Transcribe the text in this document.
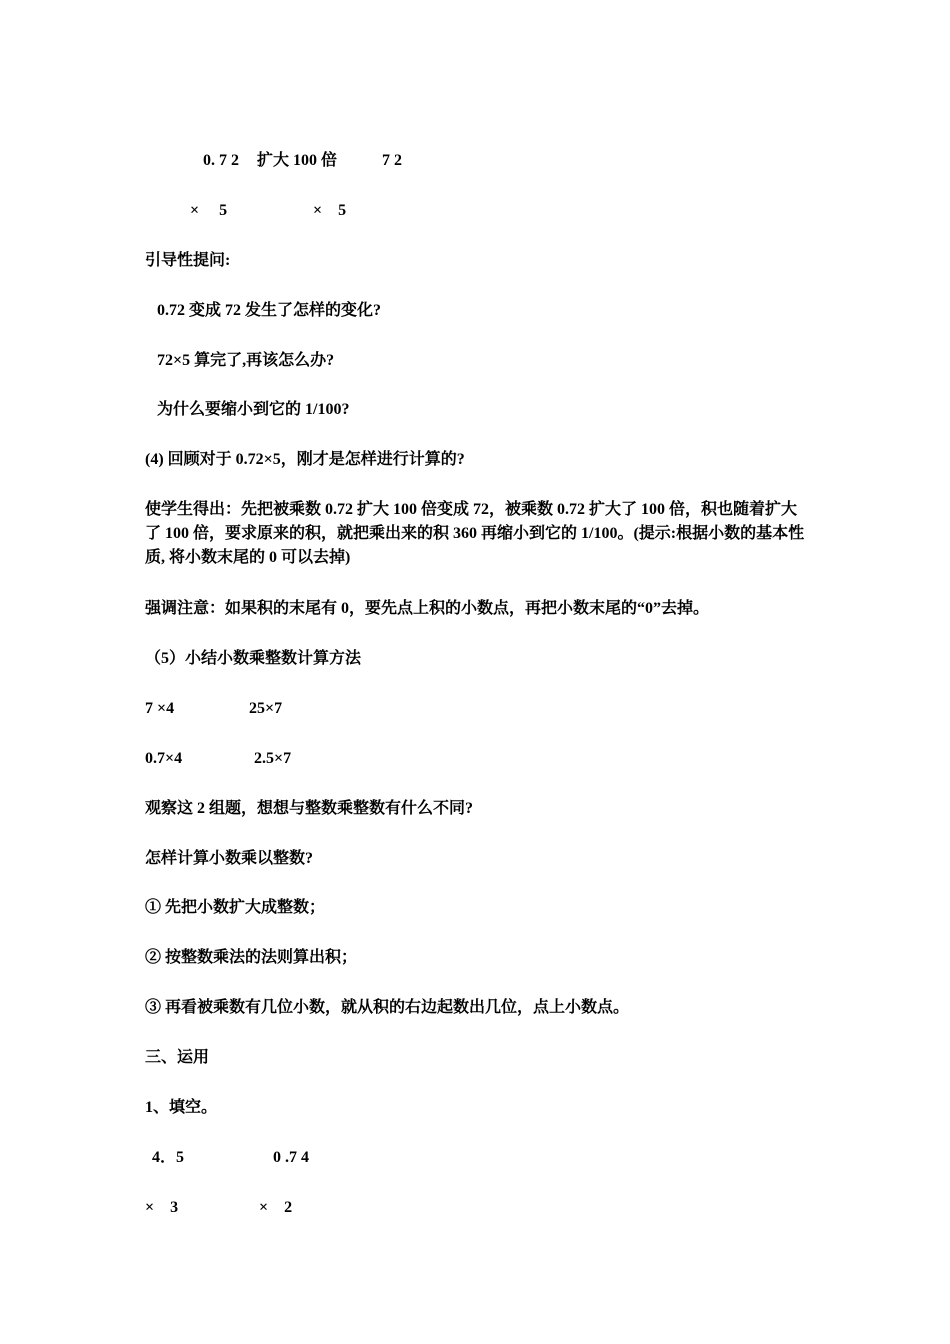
0. 7 2 扩大 100 倍	7 2
×　 5	×　5
引导性提问:
0.72 变成 72 发生了怎样的变化?
72×5 算完了,再该怎么办?
为什么要缩小到它的 1/100?
(4) 回顾对于 0.72×5，刚才是怎样进行计算的?
使学生得出：先把被乘数 0.72 扩大 100 倍变成 72，被乘数 0.72 扩大了 100 倍，积也随着扩大了 100 倍，要求原来的积，就把乘出来的积 360 再缩小到它的 1/100。(提示:根据小数的基本性质, 将小数末尾的 0 可以去掉)
强调注意：如果积的末尾有 0，要先点上积的小数点，再把小数末尾的“0”去掉。
（5）小结小数乘整数计算方法
7 ×4	25×7
0.7×4	2.5×7
观察这 2 组题，想想与整数乘整数有什么不同?
怎样计算小数乘以整数?
① 先把小数扩大成整数；
② 按整数乘法的法则算出积；
③ 再看被乘数有几位小数，就从积的右边起数出几位，点上小数点。
三、运用
1、填空。
4．5	0 .7 4
×　3	×　2
